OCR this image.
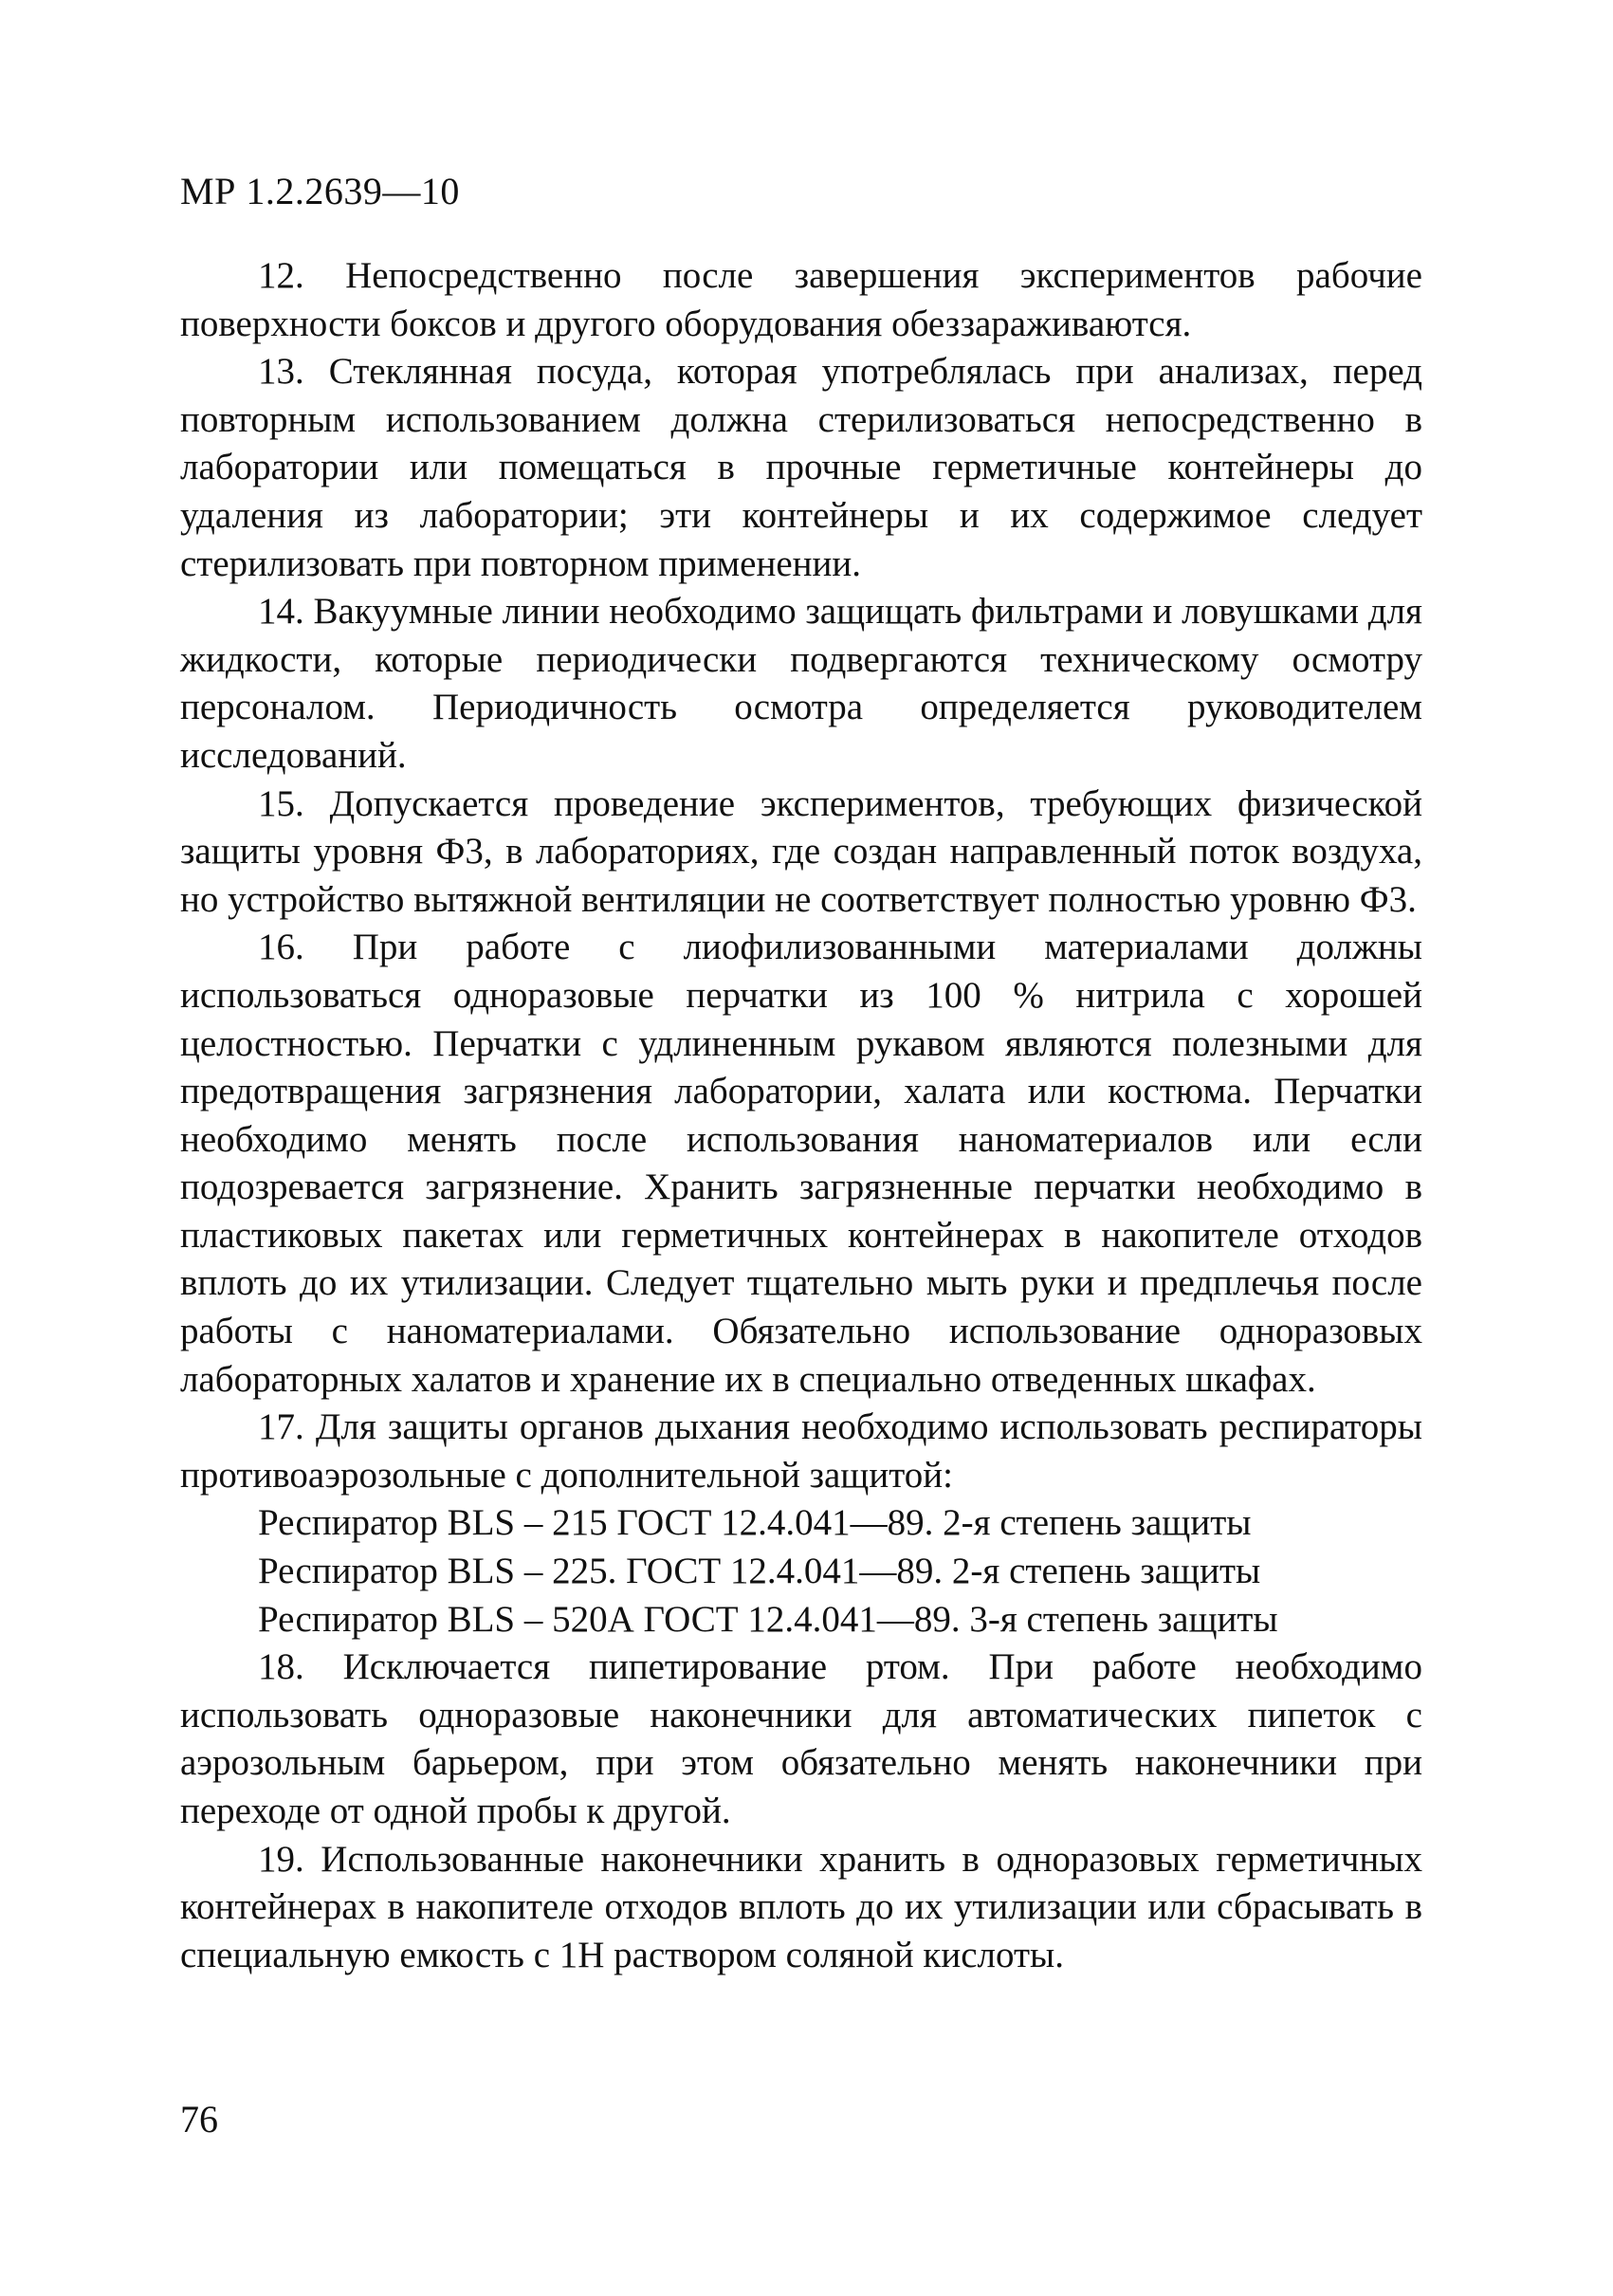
МР 1.2.2639—10

12. Непосредственно после завершения экспериментов рабочие поверхности боксов и другого оборудования обеззараживаются.

13. Стеклянная посуда, которая употреблялась при анализах, перед повторным использованием должна стерилизоваться непосредственно в лаборатории или помещаться в прочные герметичные контейнеры до удаления из лаборатории; эти контейнеры и их содержимое следует стерилизовать при повторном применении.

14. Вакуумные линии необходимо защищать фильтрами и ловушками для жидкости, которые периодически подвергаются техническому осмотру персоналом. Периодичность осмотра определяется руководителем исследований.

15. Допускается проведение экспериментов, требующих физической защиты уровня Ф3, в лабораториях, где создан направленный поток воздуха, но устройство вытяжной вентиляции не соответствует полностью уровню Ф3.

16. При работе с лиофилизованными материалами должны использоваться одноразовые перчатки из 100 % нитрила с хорошей целостностью. Перчатки с удлиненным рукавом являются полезными для предотвращения загрязнения лаборатории, халата или костюма. Перчатки необходимо менять после использования наноматериалов или если подозревается загрязнение. Хранить загрязненные перчатки необходимо в пластиковых пакетах или герметичных контейнерах в накопителе отходов вплоть до их утилизации. Следует тщательно мыть руки и предплечья после работы с наноматериалами. Обязательно использование одноразовых лабораторных халатов и хранение их в специально отведенных шкафах.

17. Для защиты органов дыхания необходимо использовать респираторы противоаэрозольные с дополнительной защитой:

Респиратор BLS – 215 ГОСТ 12.4.041—89. 2-я степень защиты

Респиратор BLS – 225. ГОСТ 12.4.041—89. 2-я степень защиты

Респиратор BLS – 520А ГОСТ 12.4.041—89. 3-я степень защиты

18. Исключается пипетирование ртом. При работе необходимо использовать одноразовые наконечники для автоматических пипеток с аэрозольным барьером, при этом обязательно менять наконечники при переходе от одной пробы к другой.

19. Использованные наконечники хранить в одноразовых герметичных контейнерах в накопителе отходов вплоть до их утилизации или сбрасывать в специальную емкость с 1Н раствором соляной кислоты.

76
